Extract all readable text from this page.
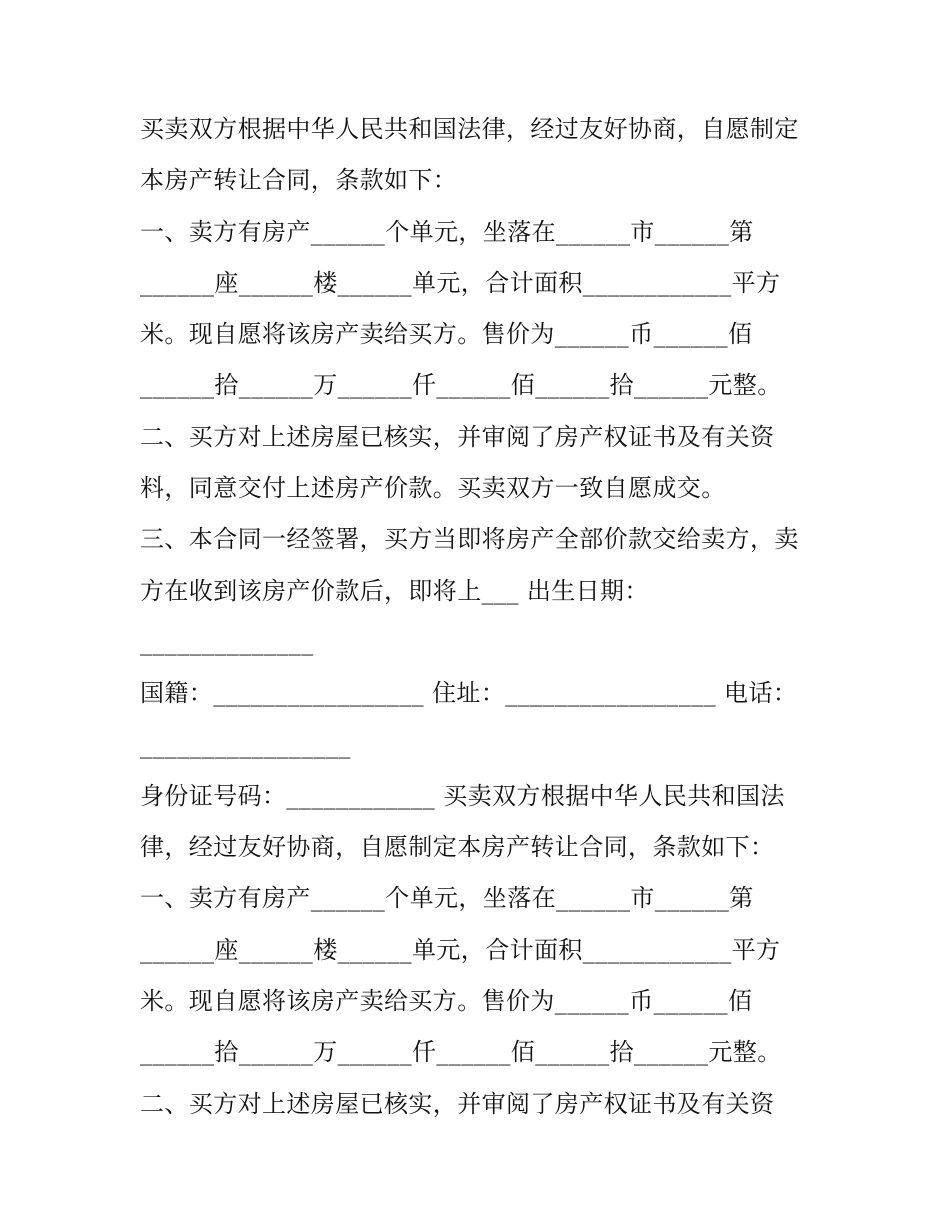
买卖双方根据中华人民共和国法律，经过友好协商，自愿制定
本房产转让合同，条款如下：
一、卖方有房产______个单元，坐落在______市______第
______座______楼______单元，合计面积____________平方
米。现自愿将该房产卖给买方。售价为______币______佰
______拾______万______仟______佰______拾______元整。
二、买方对上述房屋已核实，并审阅了房产权证书及有关资
料，同意交付上述房产价款。买卖双方一致自愿成交。
三、本合同一经签署，买方当即将房产全部价款交给卖方，卖
方在收到该房产价款后，即将上___ 出生日期：
______________
国籍：_________________ 住址：_________________ 电话：
_________________
身份证号码：____________ 买卖双方根据中华人民共和国法
律，经过友好协商，自愿制定本房产转让合同，条款如下：
一、卖方有房产______个单元，坐落在______市______第
______座______楼______单元，合计面积____________平方
米。现自愿将该房产卖给买方。售价为______币______佰
______拾______万______仟______佰______拾______元整。
二、买方对上述房屋已核实，并审阅了房产权证书及有关资
